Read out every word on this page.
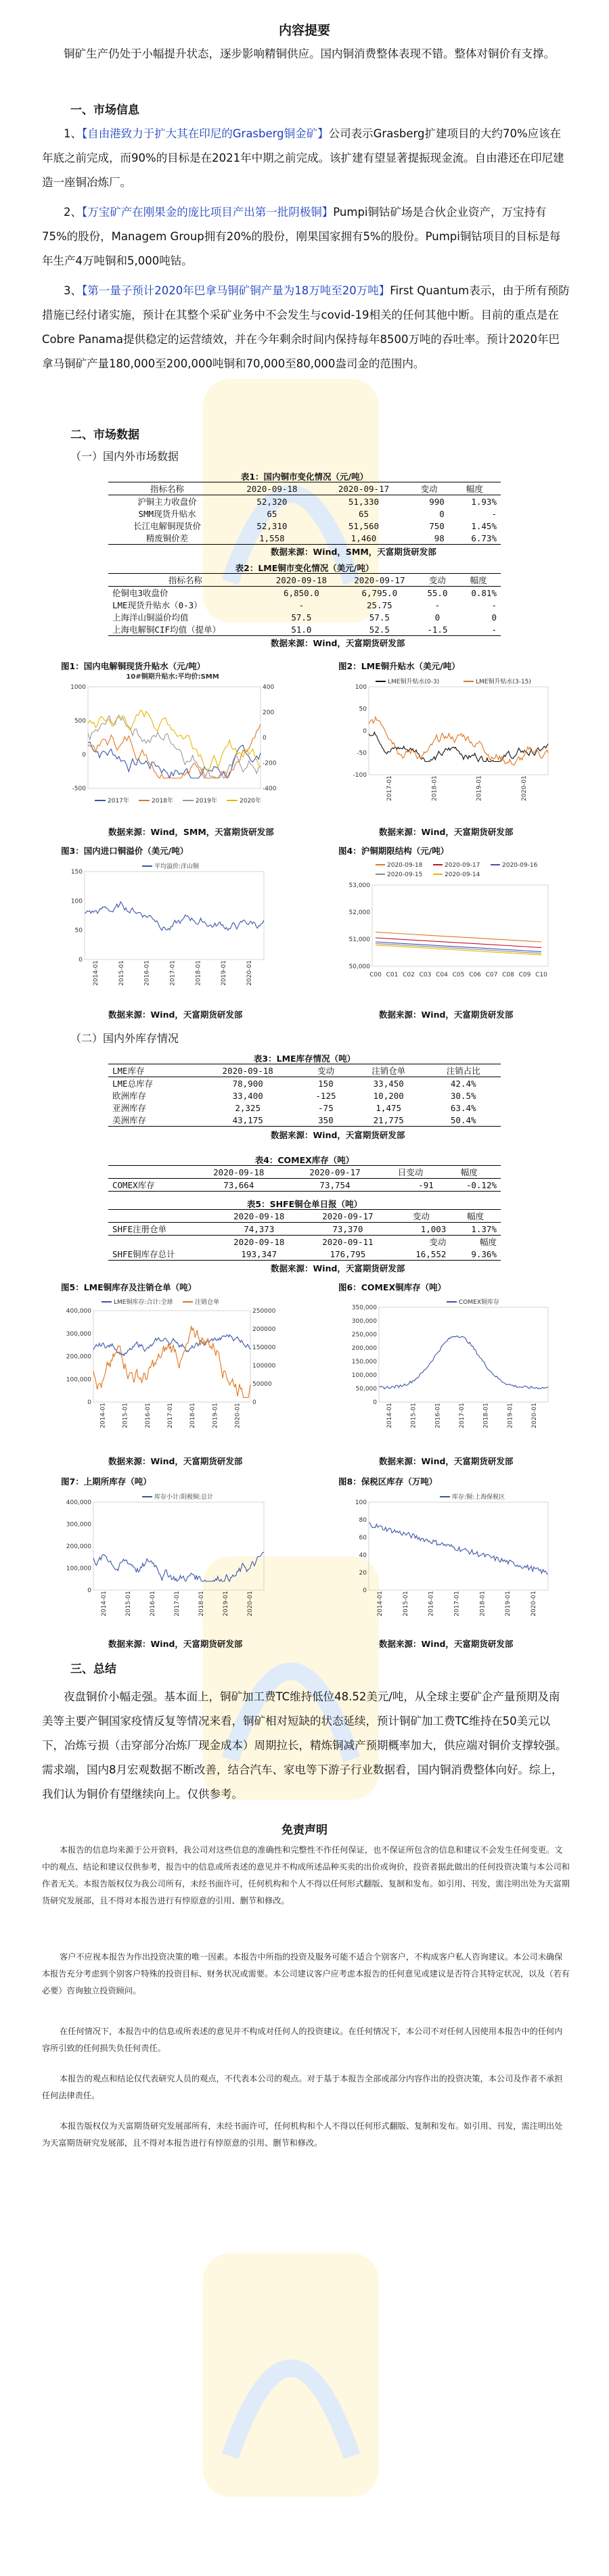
内容提要

铜矿生产仍处于小幅提升状态，逐步影响精铜供应。国内铜消费整体表现不错。整体对铜价有支撑。

一、市场信息

1、【自由港致力于扩大其在印尼的Grasberg铜金矿】公司表示Grasberg扩建项目的大约70%应该在年底之前完成，而90%的目标是在2021年中期之前完成。该扩建有望显著提振现金流。自由港还在印尼建造一座铜冶炼厂。

2、【万宝矿产在刚果金的庞比项目产出第一批阴极铜】Pumpi铜钴矿场是合伙企业资产，万宝持有75%的股份，Managem Group拥有20%的股份，刚果国家拥有5%的股份。Pumpi铜钴项目的目标是每年生产4万吨铜和5,000吨钴。

3、【第一量子预计2020年巴拿马铜矿铜产量为18万吨至20万吨】First Quantum表示，由于所有预防措施已经付诸实施，预计在其整个采矿业务中不会发生与covid-19相关的任何其他中断。目前的重点是在Cobre Panama提供稳定的运营绩效，并在今年剩余时间内保持每年8500万吨的吞吐率。预计2020年巴拿马铜矿产量180,000至200,000吨铜和70,000至80,000盎司金的范围内。

二、市场数据
（一）国内外市场数据
表1：国内铜市变化情况（元/吨）
指标名称	2020-09-18	2020-09-17	变动	幅度
沪铜主力收盘价	52,320	51,330	990	1.93%
SMM现货升贴水	65	65	0	-
长江电解铜现货价	52,310	51,560	750	1.45%
精废铜价差	1,558	1,460	98	6.73%
数据来源：Wind，SMM，天富期货研发部
表2：LME铜市变化情况（美元/吨）
指标名称	2020-09-18	2020-09-17	变动	幅度
伦铜电3收盘价	6,850.0	6,795.0	55.0	0.81%
LME现货升贴水（0-3）	-	25.75	-	-
上海洋山铜溢价均值	57.5	57.5	0	0
上海电解铜CIF均值（提单）	51.0	52.5	-1.5	-
数据来源：Wind，天富期货研发部
图1：国内电解铜现货升贴水（元/吨）	图2：LME铜升贴水（美元/吨）
10#铜期升贴水:平均价:SMM
1000
500
0
-500
400
200
0
-200
-400
2017年	2018年	2019年	2020年
100
50
0
-50
-100
2017-01	2018-01	2019-01	2020-01
LME铜升贴水(0-3)	LME铜升贴水(3-15)
数据来源：Wind，SMM，天富期货研发部	数据来源：Wind，天富期货研发部
图3：国内进口铜溢价（美元/吨）	图4：沪铜期限结构（元/吨）
150
100
50
0
2014-01	2015-01	2016-01	2017-01	2018-01	2019-01	2020-01
平均溢价:洋山铜
53,000
52,000
51,000
50,000
C00 C01 C02 C03 C04 C05 C06 C07 C08 C09 C10
2020-09-18	2020-09-17	2020-09-16
2020-09-15	2020-09-14
数据来源：Wind，天富期货研发部	数据来源：Wind，天富期货研发部
（二）国内外库存情况
表3：LME库存情况（吨）
LME库存	2020-09-18	变动	注销仓单	注销占比
LME总库存	78,900	150	33,450	42.4%
欧洲库存	33,400	-125	10,200	30.5%
亚洲库存	2,325	-75	1,475	63.4%
美洲库存	43,175	350	21,775	50.4%
数据来源：Wind，天富期货研发部
表4：COMEX库存（吨）
	2020-09-18	2020-09-17	日变动	幅度
COMEX库存	73,664	73,754	-91	-0.12%
表5：SHFE铜仓单日报（吨）
	2020-09-18	2020-09-17	变动	幅度
SHFE注册仓单	74,373	73,370	1,003	1.37%
	2020-09-18	2020-09-11	变动	幅度
SHFE铜库存总计	193,347	176,795	16,552	9.36%
数据来源：Wind，天富期货研发部
图5：LME铜库存及注销仓单（吨）	图6：COMEX铜库存（吨）
400,000
300,000
200,000
100,000
0
250000
200000
150000
100000
50000
0
2014-01	2015-01	2016-01	2017-01	2018-01	2019-01	2020-01
LME铜库存:合计:全球	注销仓单
350,000
300,000
250,000
200,000
150,000
100,000
50,000
0
2014-01	2015-01	2016-01	2017-01	2018-01	2019-01	2020-01
COMEX铜库存
数据来源：Wind，天富期货研发部	数据来源：Wind，天富期货研发部
图7：上期所库存（吨）	图8：保税区库存（万吨）
400,000
300,000
200,000
100,000
0
2014-01	2015-01	2016-01	2017-01	2018-01	2019-01	2020-01
库存小计:阴极铜:总计
100
80
60
40
20
0
2014-01	2015-01	2016-01	2017-01	2018-01	2019-01	2020-01
库存:铜:上海保税区
数据来源：Wind，天富期货研发部	数据来源：Wind，天富期货研发部
三、总结

夜盘铜价小幅走强。基本面上，铜矿加工费TC维持低位48.52美元/吨，从全球主要矿企产量预期及南美等主要产铜国家疫情反复等情况来看，铜矿相对短缺的状态延续，预计铜矿加工费TC维持在50美元以下，冶炼亏损（击穿部分冶炼厂现金成本）周期拉长，精炼铜减产预期概率加大，供应端对铜价支撑较强。需求端，国内8月宏观数据不断改善，结合汽车、家电等下游子行业数据看，国内铜消费整体向好。综上，我们认为铜价有望继续向上。仅供参考。

免责声明

本报告的信息均来源于公开资料，我公司对这些信息的准确性和完整性不作任何保证，也不保证所包含的信息和建议不会发生任何变更。文中的观点、结论和建议仅供参考，报告中的信息或所表述的意见并不构成所述品种买卖的出价或询价，投资者据此做出的任何投资决策与本公司和作者无关。本报告版权仅为我公司所有，未经书面许可，任何机构和个人不得以任何形式翻版、复制和发布。如引用、刊发，需注明出处为天富期货研究发展部，且不得对本报告进行有悖原意的引用、删节和修改。

客户不应视本报告为作出投资决策的唯一因素。本报告中所指的投资及服务可能不适合个别客户，不构成客户私人咨询建议。本公司未确保本报告充分考虑到个别客户特殊的投资目标、财务状况或需要。本公司建议客户应考虑本报告的任何意见或建议是否符合其特定状况，以及（若有必要）咨询独立投资顾问。

在任何情况下，本报告中的信息或所表述的意见并不构成对任何人的投资建议。在任何情况下，本公司不对任何人因使用本报告中的任何内容所引致的任何损失负任何责任。

本报告的观点和结论仅代表研究人员的观点，不代表本公司的观点。对于基于本报告全部或部分内容作出的投资决策，本公司及作者不承担任何法律责任。

本报告版权仅为天富期货研究发展部所有，未经书面许可，任何机构和个人不得以任何形式翻版、复制和发布。如引用、刊发，需注明出处为天富期货研究发展部，且不得对本报告进行有悖原意的引用、删节和修改。
